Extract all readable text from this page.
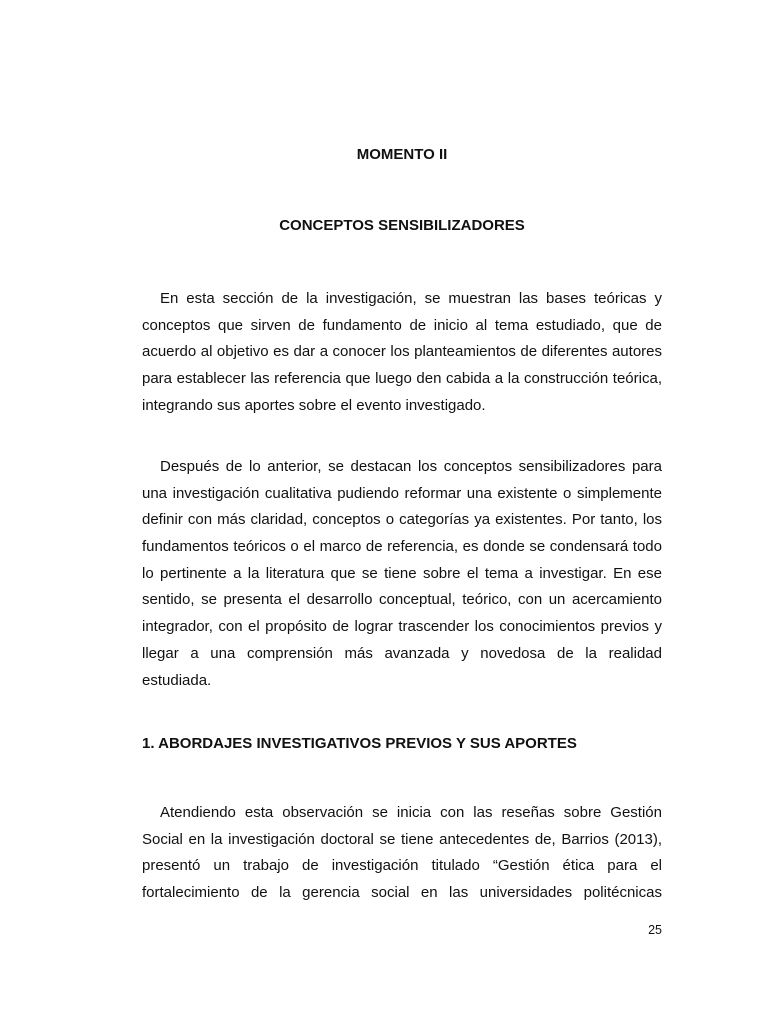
MOMENTO II
CONCEPTOS SENSIBILIZADORES
En esta sección de la investigación, se muestran las bases teóricas y
conceptos que sirven de fundamento de inicio al tema estudiado, que de
acuerdo al objetivo es dar a conocer los planteamientos de diferentes autores
para establecer las referencia que luego den cabida a la construcción teórica,
integrando sus aportes sobre el evento investigado.
Después de lo anterior, se destacan los conceptos sensibilizadores para
una investigación cualitativa pudiendo reformar una existente o simplemente
definir con más claridad, conceptos o categorías ya existentes. Por tanto, los
fundamentos teóricos o el marco de referencia, es donde se condensará todo
lo pertinente a la literatura que se tiene sobre el tema a investigar. En ese
sentido, se presenta el desarrollo conceptual, teórico, con un acercamiento
integrador, con el propósito de lograr trascender los conocimientos previos y
llegar a una comprensión más avanzada y novedosa de la realidad
estudiada.
1. ABORDAJES INVESTIGATIVOS PREVIOS Y SUS APORTES
Atendiendo esta observación se inicia con las reseñas sobre Gestión
Social en la investigación doctoral se tiene antecedentes de, Barrios (2013),
presentó un trabajo de investigación titulado “Gestión ética para el
fortalecimiento de la gerencia social en las universidades politécnicas
25
